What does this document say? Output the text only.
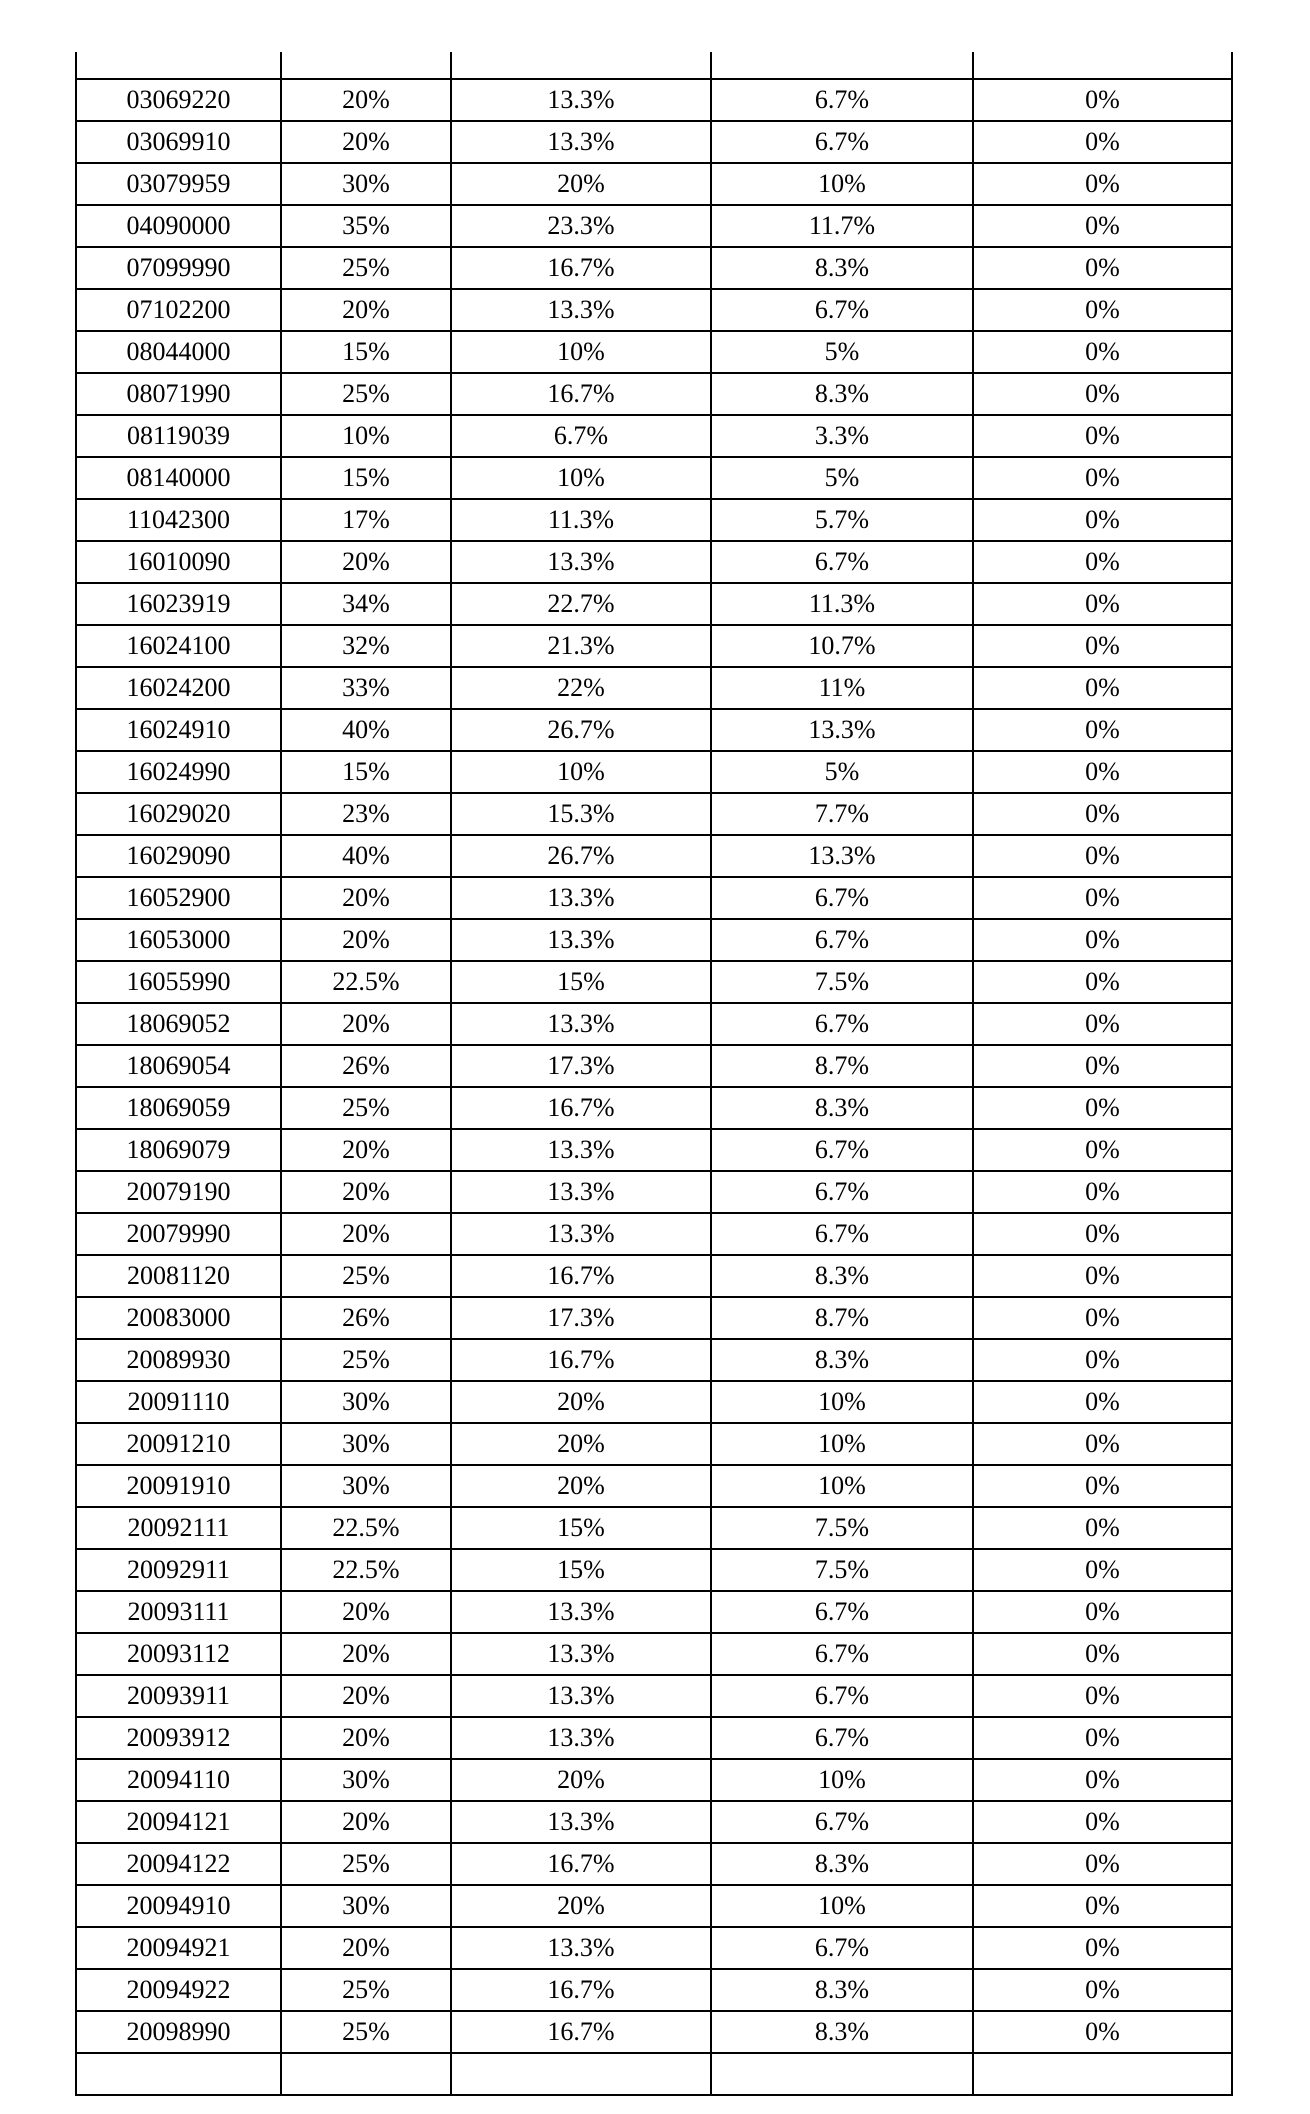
03069220	20%	13.3%	6.7%	0%
03069910	20%	13.3%	6.7%	0%
03079959	30%	20%	10%	0%
04090000	35%	23.3%	11.7%	0%
07099990	25%	16.7%	8.3%	0%
07102200	20%	13.3%	6.7%	0%
08044000	15%	10%	5%	0%
08071990	25%	16.7%	8.3%	0%
08119039	10%	6.7%	3.3%	0%
08140000	15%	10%	5%	0%
11042300	17%	11.3%	5.7%	0%
16010090	20%	13.3%	6.7%	0%
16023919	34%	22.7%	11.3%	0%
16024100	32%	21.3%	10.7%	0%
16024200	33%	22%	11%	0%
16024910	40%	26.7%	13.3%	0%
16024990	15%	10%	5%	0%
16029020	23%	15.3%	7.7%	0%
16029090	40%	26.7%	13.3%	0%
16052900	20%	13.3%	6.7%	0%
16053000	20%	13.3%	6.7%	0%
16055990	22.5%	15%	7.5%	0%
18069052	20%	13.3%	6.7%	0%
18069054	26%	17.3%	8.7%	0%
18069059	25%	16.7%	8.3%	0%
18069079	20%	13.3%	6.7%	0%
20079190	20%	13.3%	6.7%	0%
20079990	20%	13.3%	6.7%	0%
20081120	25%	16.7%	8.3%	0%
20083000	26%	17.3%	8.7%	0%
20089930	25%	16.7%	8.3%	0%
20091110	30%	20%	10%	0%
20091210	30%	20%	10%	0%
20091910	30%	20%	10%	0%
20092111	22.5%	15%	7.5%	0%
20092911	22.5%	15%	7.5%	0%
20093111	20%	13.3%	6.7%	0%
20093112	20%	13.3%	6.7%	0%
20093911	20%	13.3%	6.7%	0%
20093912	20%	13.3%	6.7%	0%
20094110	30%	20%	10%	0%
20094121	20%	13.3%	6.7%	0%
20094122	25%	16.7%	8.3%	0%
20094910	30%	20%	10%	0%
20094921	20%	13.3%	6.7%	0%
20094922	25%	16.7%	8.3%	0%
20098990	25%	16.7%	8.3%	0%
